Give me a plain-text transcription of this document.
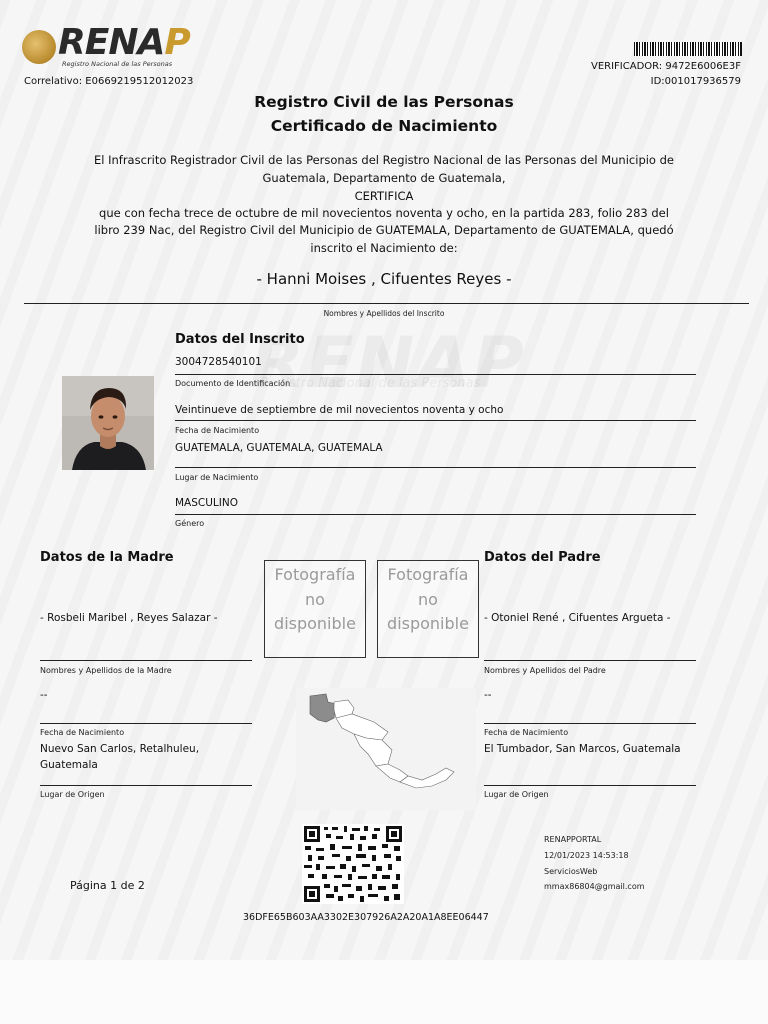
Registro Nacional de las Personas
RENAP
Registro Nacional de las Personas
Correlativo: E0669219512012023
VERIFICADOR: 9472E6006E3F
ID:001017936579
Registro Civil de las Personas
Certificado de Nacimiento
El Infrascrito Registrador Civil de las Personas del Registro Nacional de las Personas del Municipio de
Guatemala, Departamento de Guatemala,
CERTIFICA
que con fecha trece de octubre de mil novecientos noventa y ocho, en la partida 283, folio 283 del
libro 239 Nac, del Registro Civil del Municipio de GUATEMALA, Departamento de GUATEMALA, quedó
inscrito el Nacimiento de:
- Hanni Moises , Cifuentes Reyes -
Nombres y Apellidos del Inscrito
Datos del Inscrito
3004728540101
Documento de Identificación
Veintinueve de septiembre de mil novecientos noventa y ocho
Fecha de Nacimiento
GUATEMALA, GUATEMALA, GUATEMALA
Lugar de Nacimiento
MASCULINO
Género
Datos de la Madre
- Rosbeli Maribel , Reyes Salazar -
Nombres y Apellidos de la Madre
--
Fecha de Nacimiento
Nuevo San Carlos, Retalhuleu,
Guatemala
Lugar de Origen
Fotografía
no
disponible
Fotografía
no
disponible
Datos del Padre
- Otoniel René , Cifuentes Argueta -
Nombres y Apellidos del Padre
--
Fecha de Nacimiento
El Tumbador, San Marcos, Guatemala
Lugar de Origen
Página 1 de 2
36DFE65B603AA3302E307926A2A20A1A8EE06447
RENAPPORTAL
12/01/2023 14:53:18
ServiciosWeb
mmax86804@gmail.com
